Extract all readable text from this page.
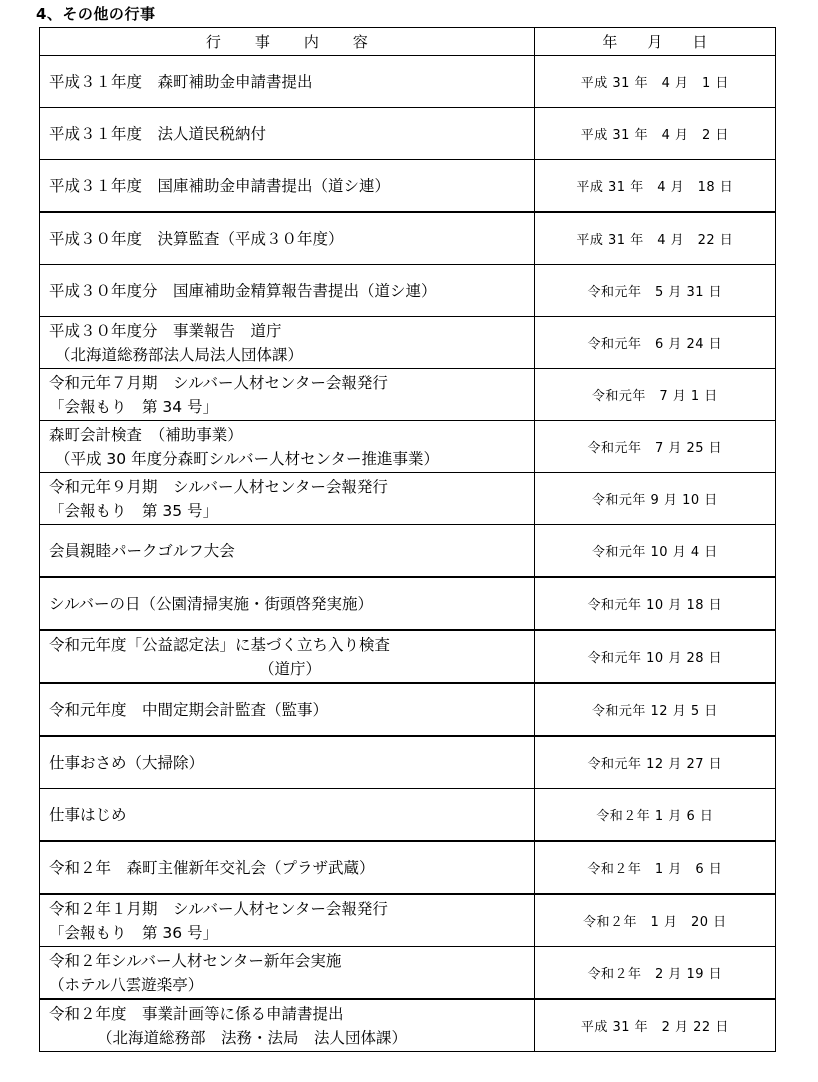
4、その他の行事
行事内容	年月日

平成３１年度　森町補助金申請書提出	平成 31 年　4 月　1 日

平成３１年度　法人道民税納付	平成 31 年　4 月　2 日

平成３１年度　国庫補助金申請書提出（道シ連）	平成 31 年　4 月　18 日

平成３０年度　決算監査（平成３０年度）	平成 31 年　4 月　22 日

平成３０年度分　国庫補助金精算報告書提出（道シ連）	令和元年　5 月 31 日

平成３０年度分　事業報告　道庁
（北海道総務部法人局法人団体課）	令和元年　6 月 24 日

令和元年７月期　シルバー人材センター会報発行
「会報もり　第 34 号」	令和元年　7 月 1 日

森町会計検査　（補助事業）
（平成 30 年度分森町シルバー人材センター推進事業）	令和元年　7 月 25 日

令和元年９月期　シルバー人材センター会報発行
「会報もり　第 35 号」	令和元年 9 月 10 日

会員親睦パークゴルフ大会	令和元年 10 月 4 日

シルバーの日（公園清掃実施・街頭啓発実施）	令和元年 10 月 18 日

令和元年度「公益認定法」に基づく立ち入り検査
（道庁）	令和元年 10 月 28 日

令和元年度　中間定期会計監査（監事）	令和元年 12 月 5 日

仕事おさめ（大掃除）	令和元年 12 月 27 日

仕事はじめ	令和２年 1 月 6 日

令和２年　森町主催新年交礼会（プラザ武蔵）	令和２年　1 月　6 日

令和２年１月期　シルバー人材センター会報発行
「会報もり　第 36 号」	令和２年　1 月　20 日

令和２年シルバー人材センター新年会実施
（ホテル八雲遊楽亭）	令和２年　2 月 19 日

令和２年度　事業計画等に係る申請書提出
（北海道総務部　法務・法局　法人団体課）	平成 31 年　2 月 22 日
